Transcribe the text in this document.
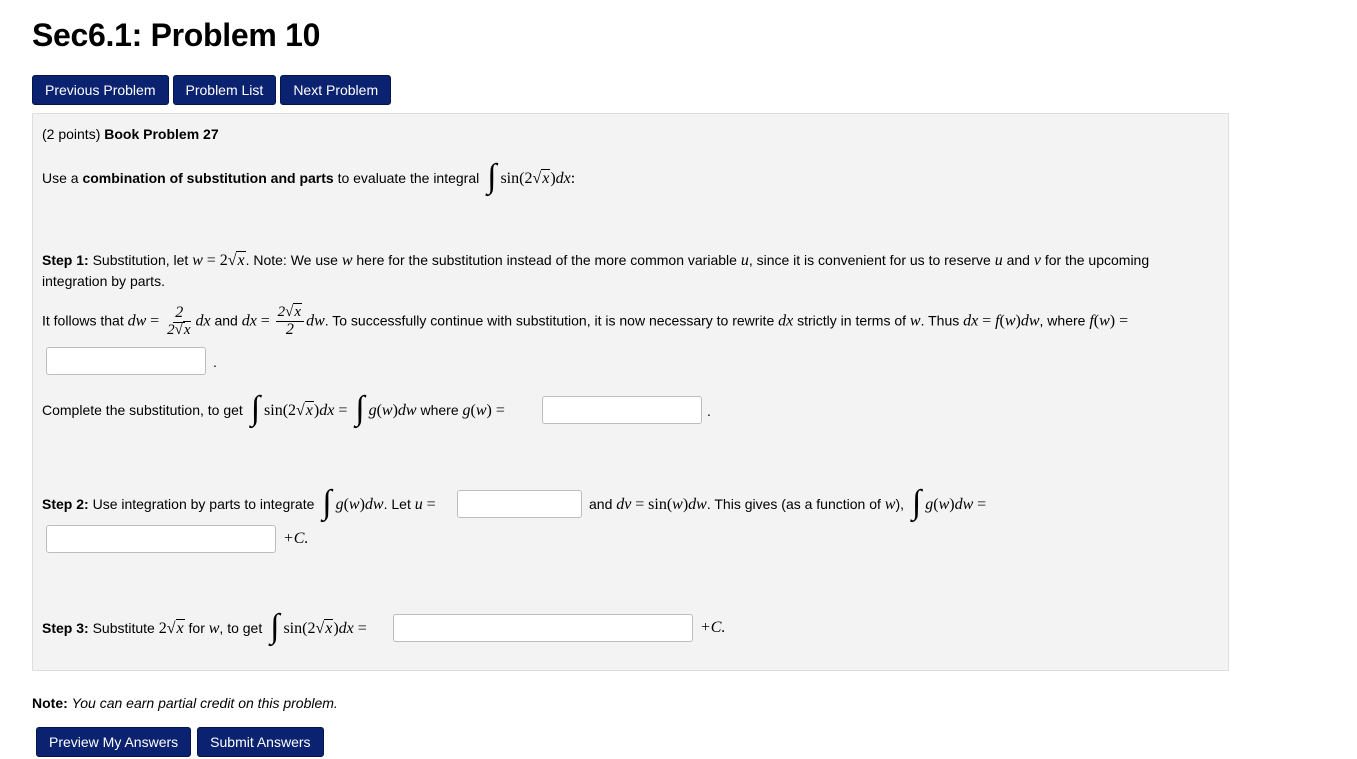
Sec6.1: Problem 10
Previous Problem	Problem List	Next Problem
(2 points) Book Problem 27
Use a combination of substitution and parts to evaluate the integral ∫ sin(2√x)dx:
Step 1: Substitution, let w = 2√x. Note: We use w here for the substitution instead of the more common variable u, since it is convenient for us to reserve u and v for the upcoming
integration by parts.
It follows that dw = $\frac{2}{2√x}$ dx and dx = $\frac{2√x}{2}$ dw. To successfully continue with substitution, it is now necessary to rewrite dx strictly in terms of w. Thus dx = f(w)dw, where f(w) =
.
Complete the substitution, to get ∫ sin(2√x)dx = ∫ g(w)dw where g(w) =	.
Step 2: Use integration by parts to integrate ∫ g(w)dw. Let u =	and dv = sin(w)dw. This gives (as a function of w), ∫ g(w)dw =
+C.
Step 3: Substitute 2√x for w, to get ∫ sin(2√x)dx =	+C.
Note: You can earn partial credit on this problem.
Preview My Answers	Submit Answers
